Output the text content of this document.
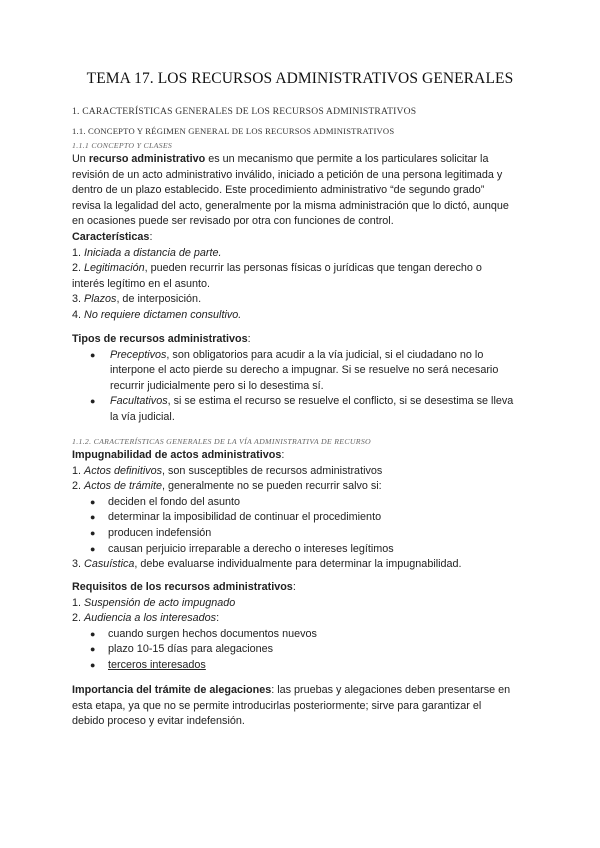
TEMA 17. LOS RECURSOS ADMINISTRATIVOS GENERALES
1. CARACTERÍSTICAS GENERALES DE LOS RECURSOS ADMINISTRATIVOS
1.1. CONCEPTO Y RÉGIMEN GENERAL DE LOS RECURSOS ADMINISTRATIVOS
1.1.1 CONCEPTO Y CLASES
Un recurso administrativo es un mecanismo que permite a los particulares solicitar la
revisión de un acto administrativo inválido, iniciado a petición de una persona legitimada y
dentro de un plazo establecido. Este procedimiento administrativo “de segundo grado”
revisa la legalidad del acto, generalmente por la misma administración que lo dictó, aunque
en ocasiones puede ser revisado por otra con funciones de control.
Características:
1. Iniciada a distancia de parte.
2. Legitimación, pueden recurrir las personas físicas o jurídicas que tengan derecho o
interés legítimo en el asunto.
3. Plazos, de interposición.
4. No requiere dictamen consultivo.
Tipos de recursos administrativos:
● Preceptivos, son obligatorios para acudir a la vía judicial, si el ciudadano no lo
interpone el acto pierde su derecho a impugnar. Si se resuelve no será necesario
recurrir judicialmente pero si lo desestima sí.
● Facultativos, si se estima el recurso se resuelve el conflicto, si se desestima se lleva
la vía judicial.
1.1.2. CARACTERÍSTICAS GENERALES DE LA VÍA ADMINISTRATIVA DE RECURSO
Impugnabilidad de actos administrativos:
1. Actos definitivos, son susceptibles de recursos administrativos
2. Actos de trámite, generalmente no se pueden recurrir salvo si:
● deciden el fondo del asunto
● determinar la imposibilidad de continuar el procedimiento
● producen indefensión
● causan perjuicio irreparable a derecho o intereses legítimos
3. Casuística, debe evaluarse individualmente para determinar la impugnabilidad.
Requisitos de los recursos administrativos:
1. Suspensión de acto impugnado
2. Audiencia a los interesados:
● cuando surgen hechos documentos nuevos
● plazo 10-15 días para alegaciones
● terceros interesados
Importancia del trámite de alegaciones: las pruebas y alegaciones deben presentarse en
esta etapa, ya que no se permite introducirlas posteriormente; sirve para garantizar el
debido proceso y evitar indefensión.
